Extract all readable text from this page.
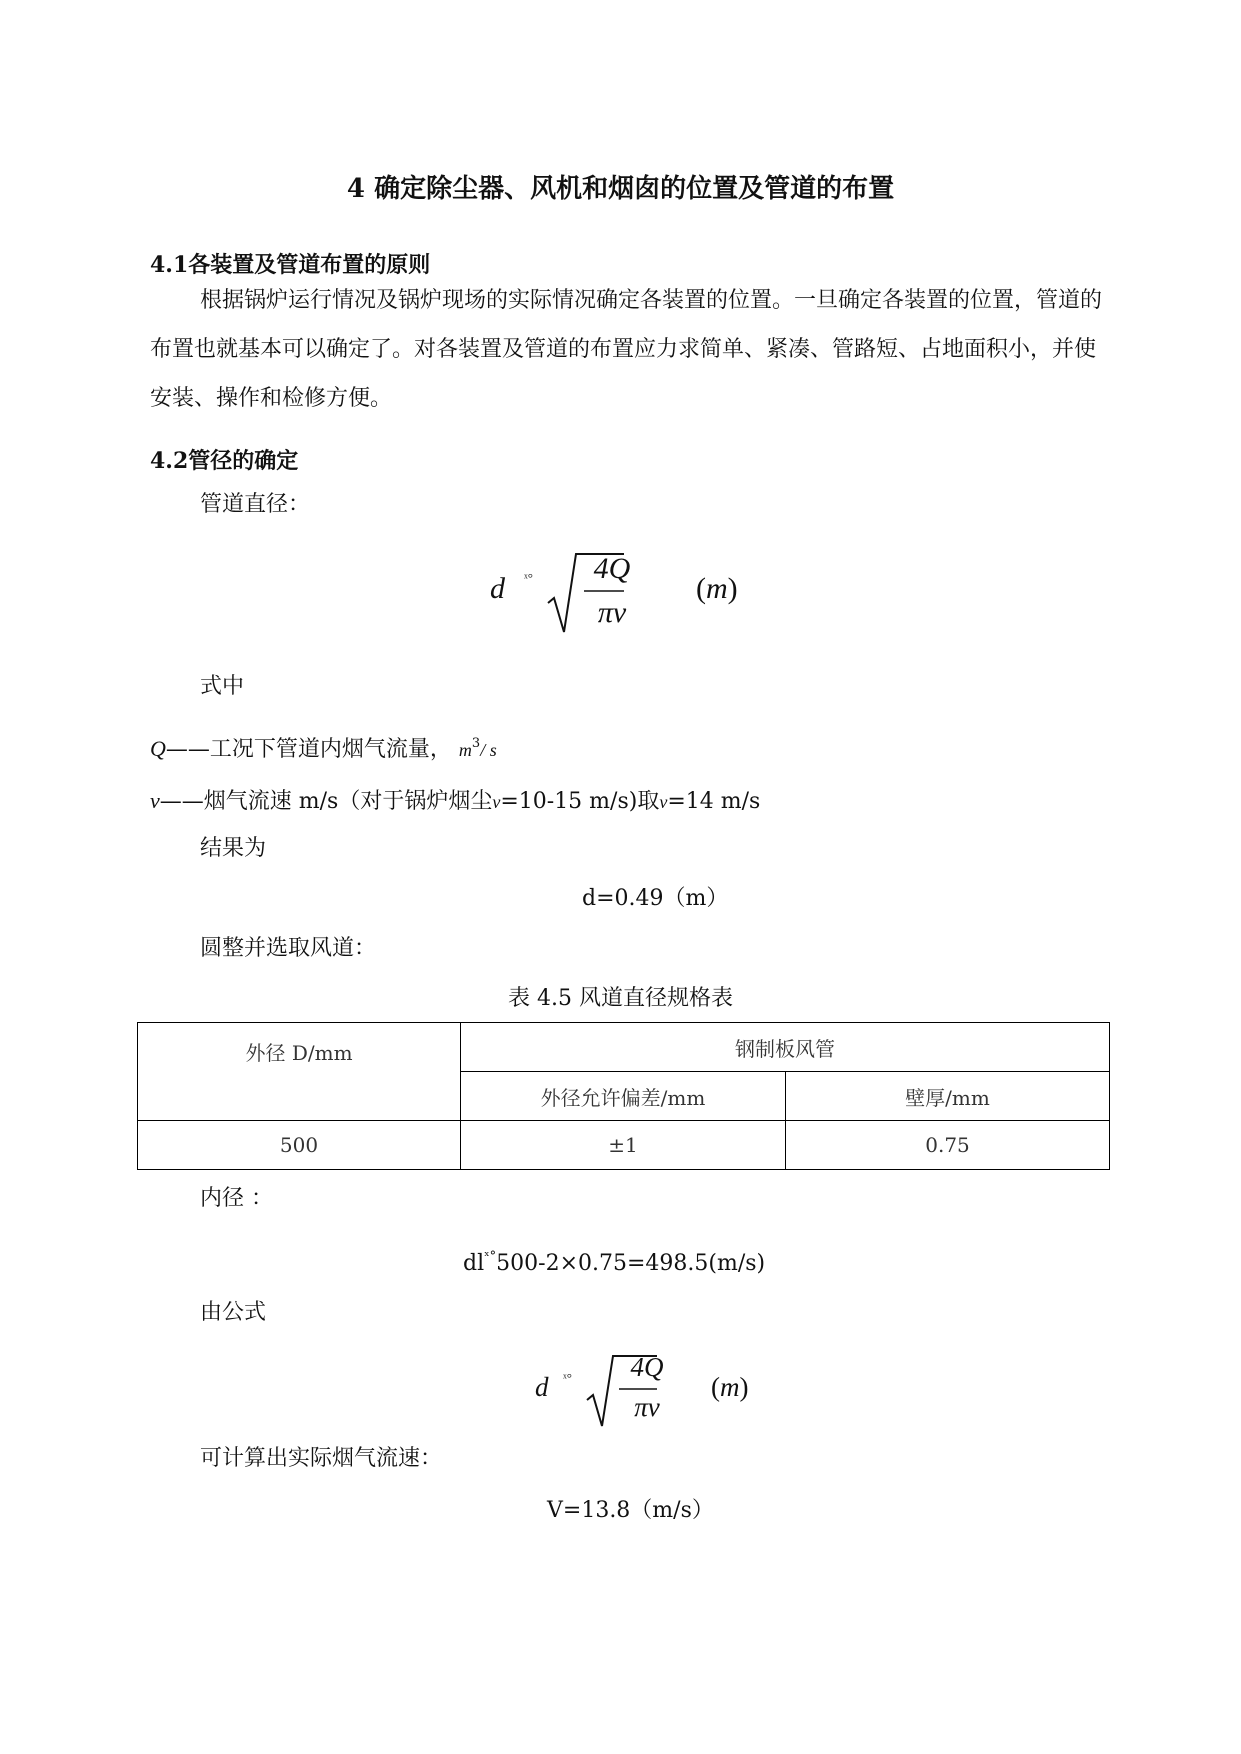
4 确定除尘器、风机和烟囱的位置及管道的布置
4.1各装置及管道布置的原则
根据锅炉运行情况及锅炉现场的实际情况确定各装置的位置。一旦确定各装置的位置，管道的布置也就基本可以确定了。对各装置及管道的布置应力求简单、紧凑、管路短、占地面积小，并使安装、操作和检修方便。
4.2管径的确定
管道直径：
d ˣ°	4Q
πν
(m)
式中
Q——工况下管道内烟气流量， $m^3/$ s
ν——烟气流速 m/s（对于锅炉烟尘ν=10-15 m/s)取ν=14 m/s
结果为
d=0.49（m）
圆整并选取风道：
表 4.5 风道直径规格表
外径 D/mm	钢制板风管	
	外径允许偏差/mm	壁厚/mm
500	±1	0.75
内径 ：
$dl^{ˣ^\circ}500-2\times 0.75=498.5(m/s)$
由公式
d ˣ°	4Q
πν
(m)
可计算出实际烟气流速：
V=13.8（m/s）
